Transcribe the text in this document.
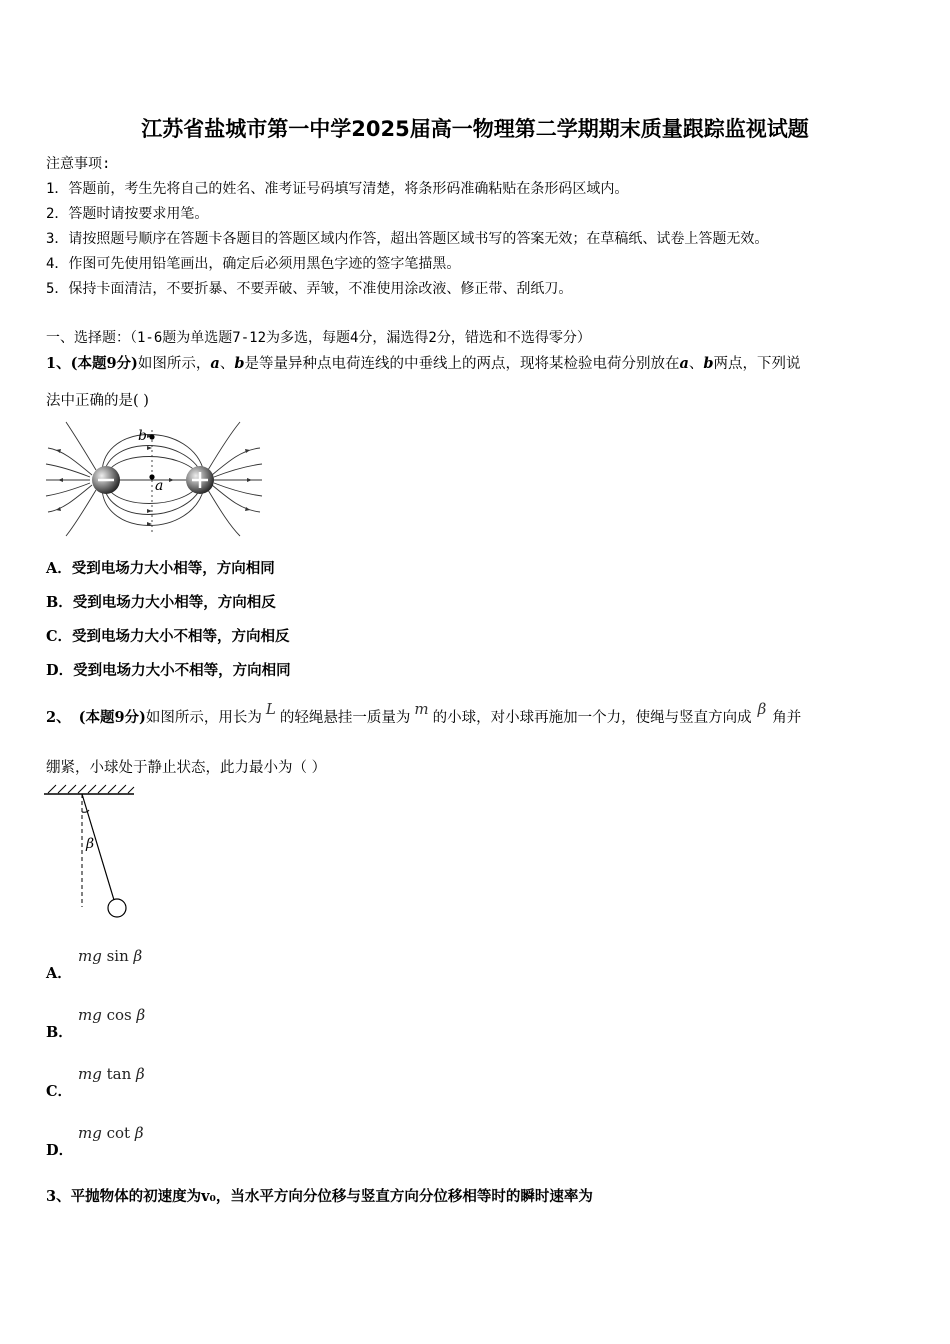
江苏省盐城市第一中学2025届高一物理第二学期期末质量跟踪监视试题
注意事项:
1．答题前，考生先将自己的姓名、准考证号码填写清楚，将条形码准确粘贴在条形码区域内。
2．答题时请按要求用笔。
3．请按照题号顺序在答题卡各题目的答题区域内作答，超出答题区域书写的答案无效；在草稿纸、试卷上答题无效。
4．作图可先使用铅笔画出，确定后必须用黑色字迹的签字笔描黑。
5．保持卡面清洁，不要折暴、不要弄破、弄皱，不准使用涂改液、修正带、刮纸刀。
一、选择题：（1-6题为单选题7-12为多选，每题4分，漏选得2分，错选和不选得零分）
1、(本题9分)如图所示，a、b是等量异种点电荷连线的中垂线上的两点，现将某检验电荷分别放在a、b两点，下列说
法中正确的是( )
b
a
A．受到电场力大小相等，方向相同
B．受到电场力大小相等，方向相反
C．受到电场力大小不相等，方向相反
D．受到电场力大小不相等，方向相同
2、 (本题9分)如图所示，用长为 L 的轻绳悬挂一质量为 m 的小球，对小球再施加一个力，使绳与竖直方向成 β 角并
绷紧，小球处于静止状态，此力最小为（ ）
β
A．
mg sin β
B．
mg cos β
C．
mg tan β
D．
mg cot β
3、平抛物体的初速度为v₀，当水平方向分位移与竖直方向分位移相等时的瞬时速率为
